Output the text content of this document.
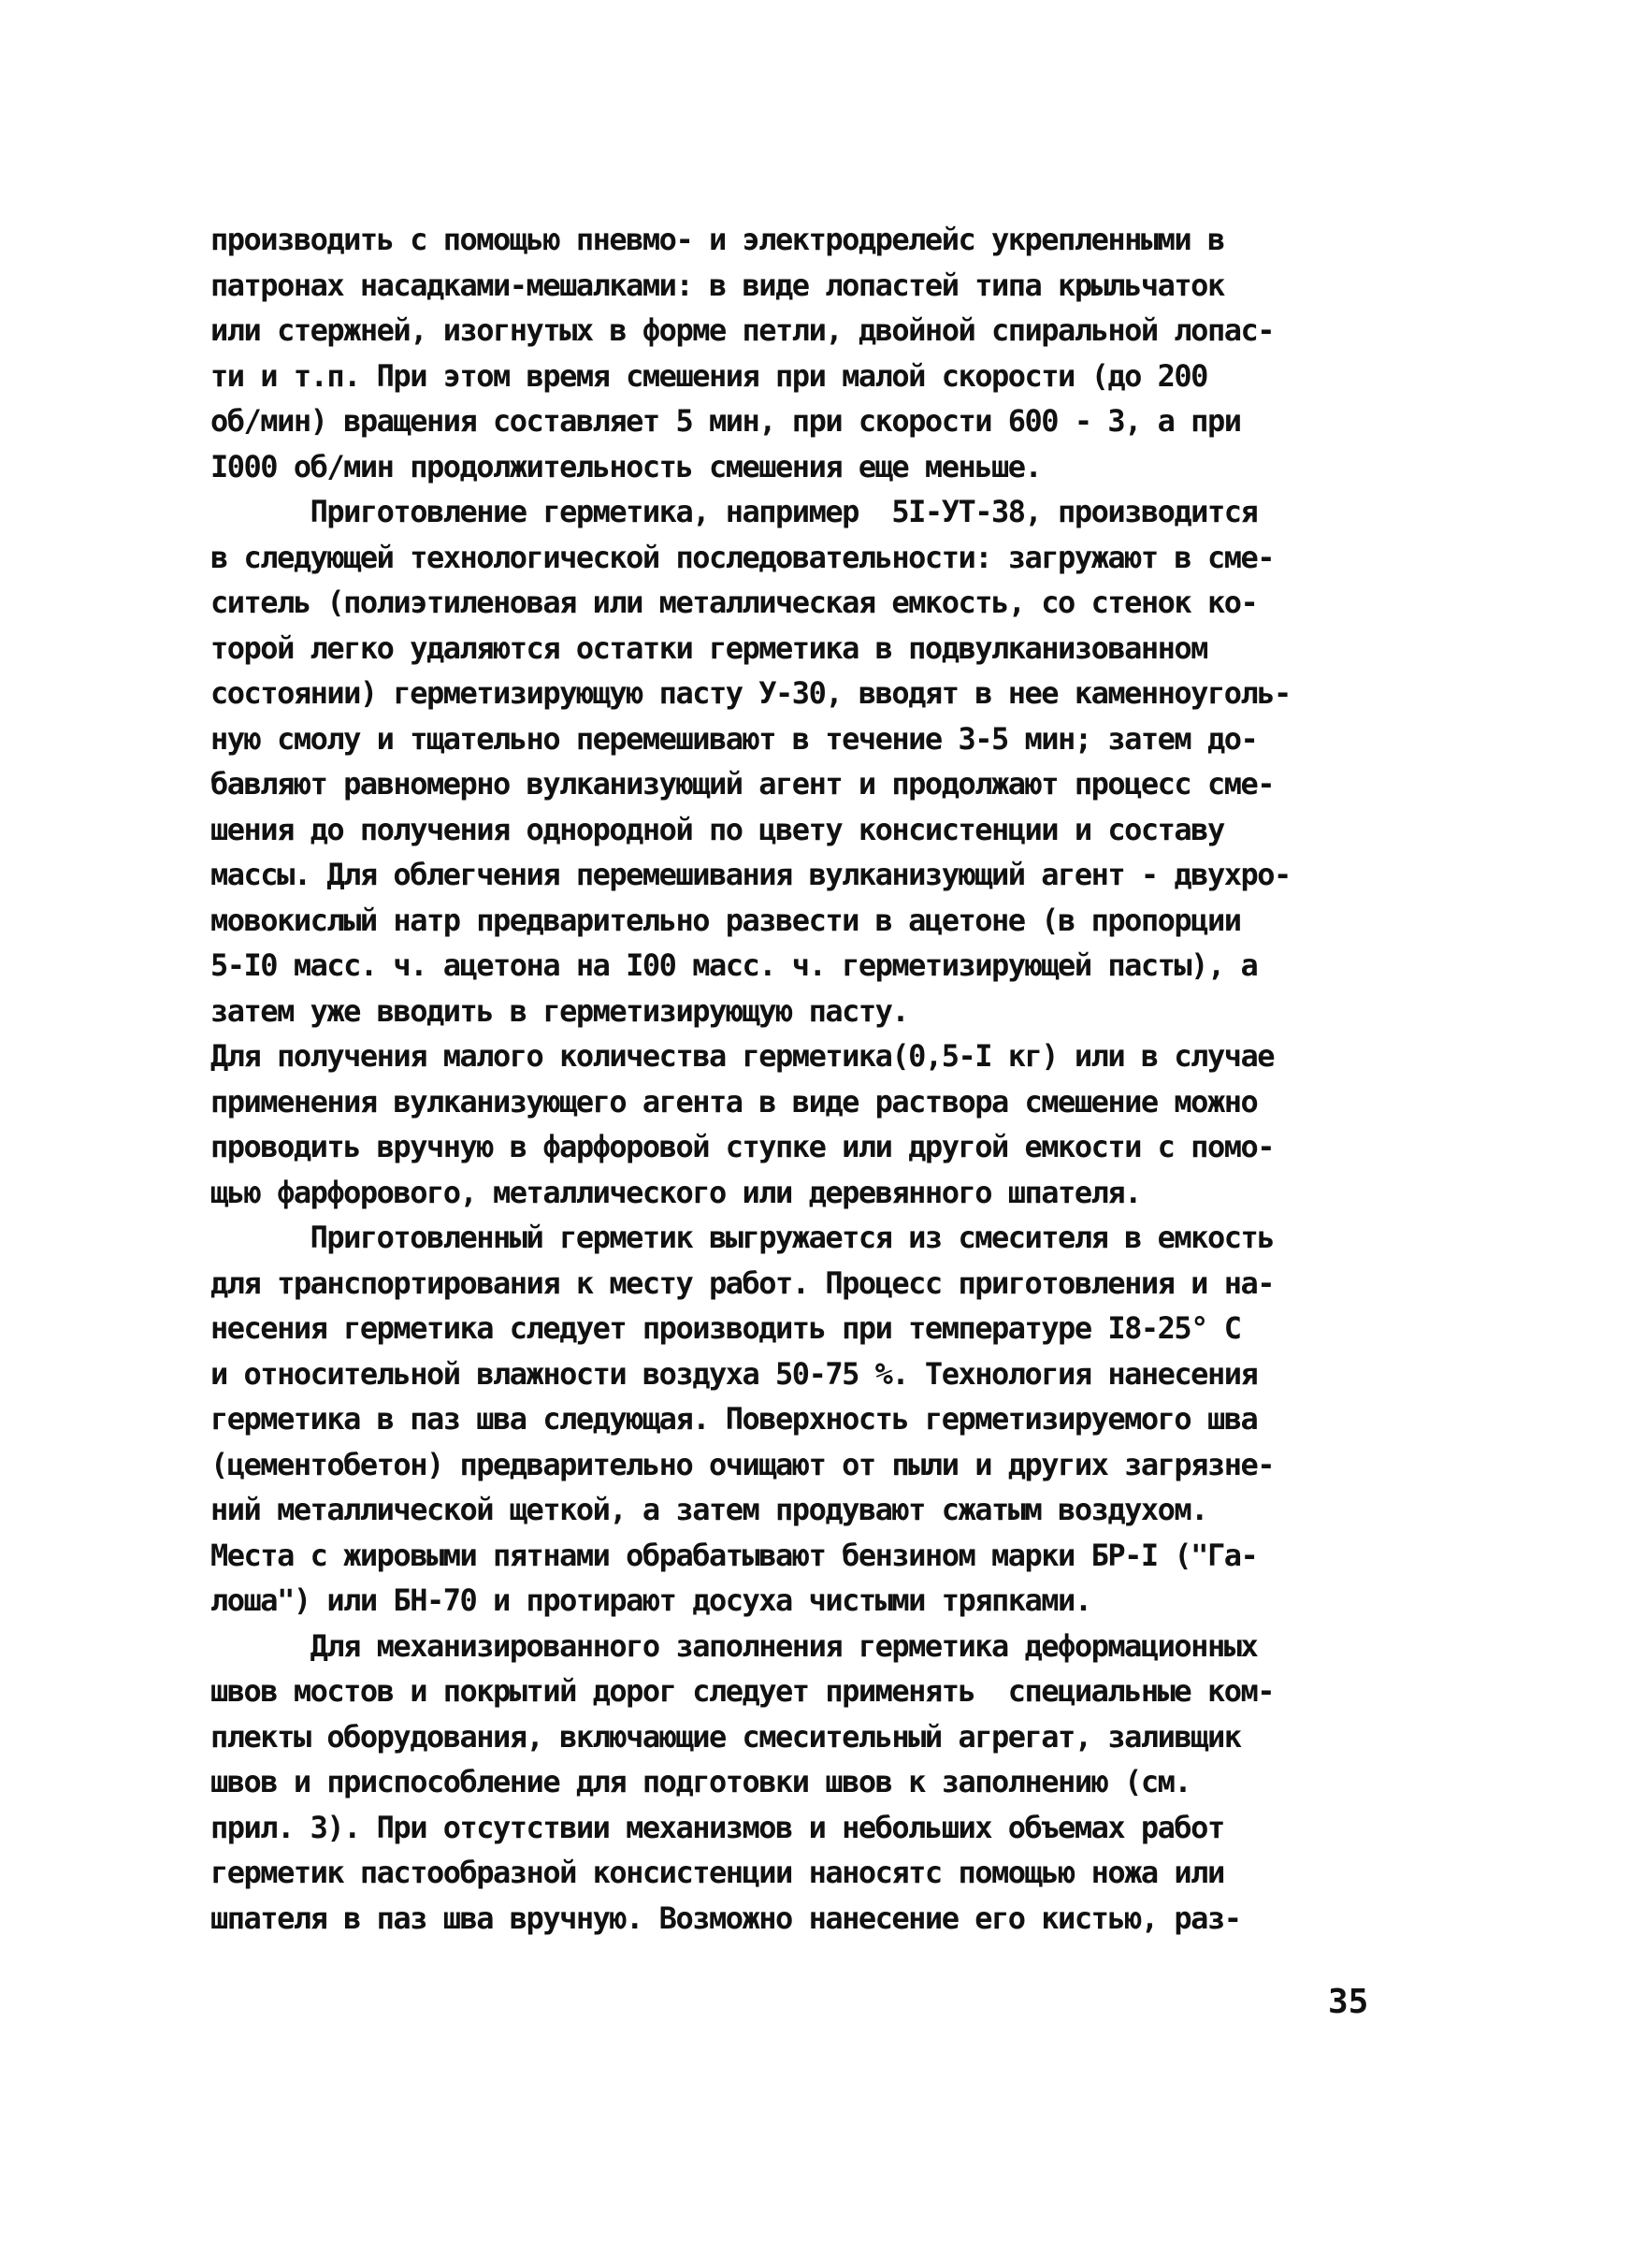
производить с помощью пневмо- и электродрелейс укрепленными в
патронах насадками-мешалками: в виде лопастей типа крыльчаток
или стержней, изогнутых в форме петли, двойной спиральной лопас-
ти и т.п. При этом время смешения при малой скорости (до 200
об/мин) вращения составляет 5 мин, при скорости 600 - 3, а при
I000 об/мин продолжительность смешения еще меньше.
Приготовление герметика, например  5I-УТ-38, производится
в следующей технологической последовательности: загружают в сме-
ситель (полиэтиленовая или металлическая емкость, со стенок ко-
торой легко удаляются остатки герметика в подвулканизованном
состоянии) герметизирующую пасту У-30, вводят в нее каменноуголь-
ную смолу и тщательно перемешивают в течение 3-5 мин; затем до-
бавляют равномерно вулканизующий агент и продолжают процесс сме-
шения до получения однородной по цвету консистенции и составу
массы. Для облегчения перемешивания вулканизующий агент - двухро-
мовокислый натр предварительно развести в ацетоне (в пропорции
5-I0 масс. ч. ацетона на I00 масс. ч. герметизирующей пасты), а
затем уже вводить в герметизирующую пасту.
Для получения малого количества герметика(0,5-I кг) или в случае
применения вулканизующего агента в виде раствора смешение можно
проводить вручную в фарфоровой ступке или другой емкости с помо-
щью фарфорового, металлического или деревянного шпателя.
Приготовленный герметик выгружается из смесителя в емкость
для транспортирования к месту работ. Процесс приготовления и на-
несения герметика следует производить при температуре I8-25° C
и относительной влажности воздуха 50-75 %. Технология нанесения
герметика в паз шва следующая. Поверхность герметизируемого шва
(цементобетон) предварительно очищают от пыли и других загрязне-
ний металлической щеткой, а затем продувают сжатым воздухом.
Места с жировыми пятнами обрабатывают бензином марки БР-I ("Га-
лоша") или БН-70 и протирают досуха чистыми тряпками.
Для механизированного заполнения герметика деформационных
швов мостов и покрытий дорог следует применять  специальные ком-
плекты оборудования, включающие смесительный агрегат, заливщик
швов и приспособление для подготовки швов к заполнению (см.
прил. 3). При отсутствии механизмов и небольших объемах работ
герметик пастообразной консистенции наносятс помощью ножа или
шпателя в паз шва вручную. Возможно нанесение его кистью, раз-
35
